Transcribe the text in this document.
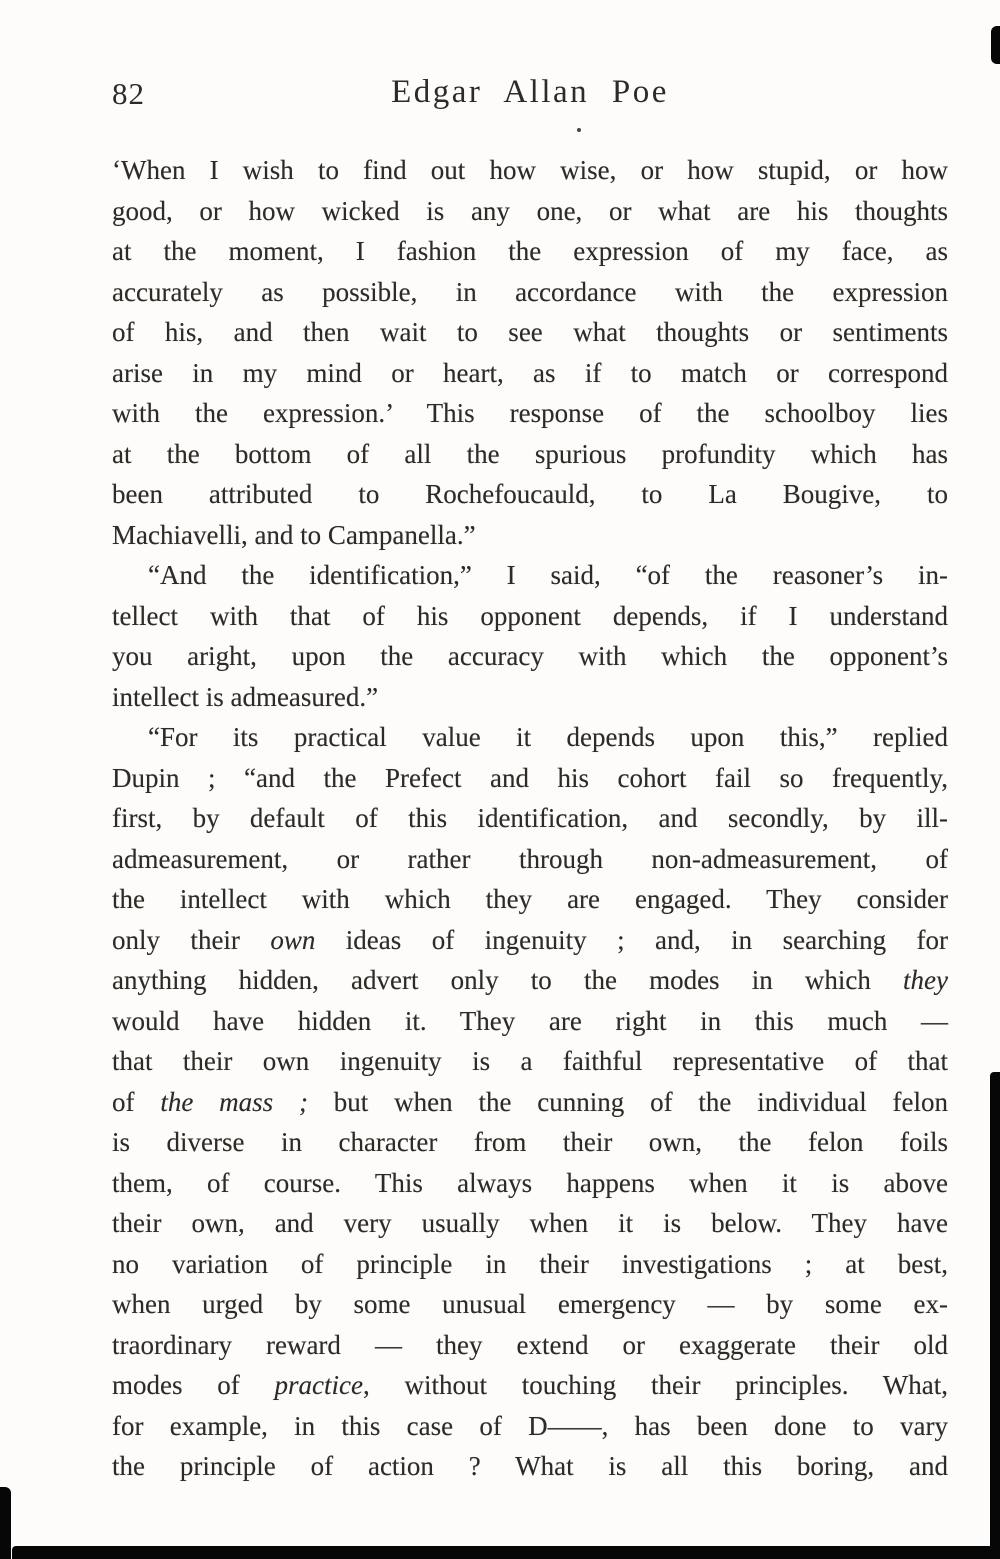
82	Edgar Allan Poe
‘When I wish to find out how wise, or how stupid, or how
good, or how wicked is any one, or what are his thoughts
at the moment, I fashion the expression of my face, as
accurately as possible, in accordance with the expression
of his, and then wait to see what thoughts or sentiments
arise in my mind or heart, as if to match or correspond
with the expression.’ This response of the schoolboy lies
at the bottom of all the spurious profundity which has
been attributed to Rochefoucauld, to La Bougive, to
Machiavelli, and to Campanella.”
“And the identification,” I said, “of the reasoner’s in-
tellect with that of his opponent depends, if I understand
you aright, upon the accuracy with which the opponent’s
intellect is admeasured.”
“For its practical value it depends upon this,” replied
Dupin ; “and the Prefect and his cohort fail so frequently,
first, by default of this identification, and secondly, by ill-
admeasurement, or rather through non-admeasurement, of
the intellect with which they are engaged. They consider
only their own ideas of ingenuity ; and, in searching for
anything hidden, advert only to the modes in which they
would have hidden it. They are right in this much —
that their own ingenuity is a faithful representative of that
of the mass ; but when the cunning of the individual felon
is diverse in character from their own, the felon foils
them, of course. This always happens when it is above
their own, and very usually when it is below. They have
no variation of principle in their investigations ; at best,
when urged by some unusual emergency — by some ex-
traordinary reward — they extend or exaggerate their old
modes of practice, without touching their principles. What,
for example, in this case of D——, has been done to vary
the principle of action ? What is all this boring, and
